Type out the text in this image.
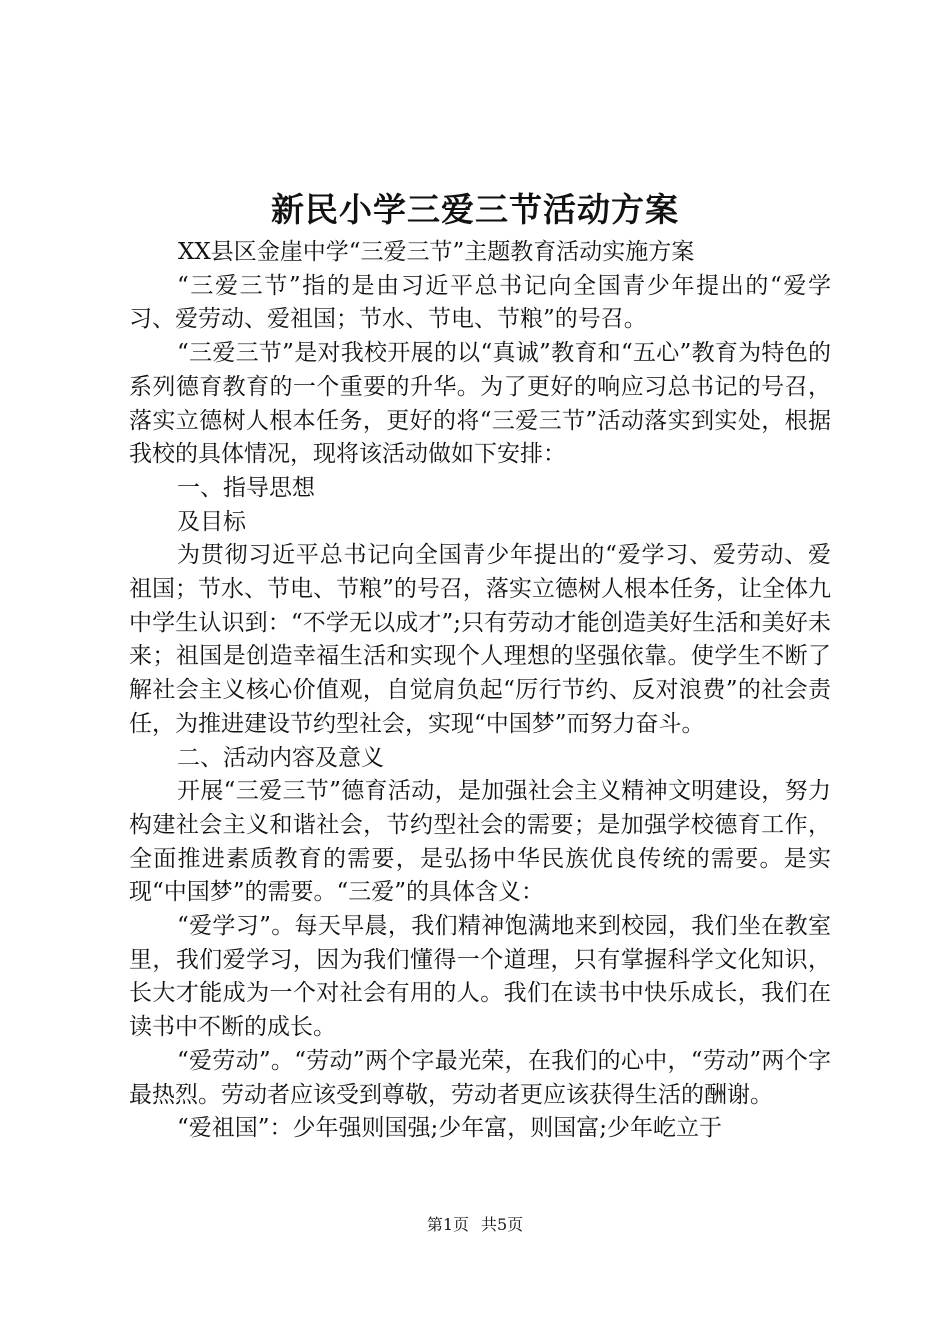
新民小学三爱三节活动方案

XX县区金崖中学“三爱三节”主题教育活动实施方案

“三爱三节”指的是由习近平总书记向全国青少年提出的“爱学习、爱劳动、爱祖国；节水、节电、节粮”的号召。

“三爱三节”是对我校开展的以“真诚”教育和“五心”教育为特色的系列德育教育的一个重要的升华。为了更好的响应习总书记的号召，落实立德树人根本任务，更好的将“三爱三节”活动落实到实处，根据我校的具体情况，现将该活动做如下安排：

一、指导思想

及目标

为贯彻习近平总书记向全国青少年提出的“爱学习、爱劳动、爱祖国；节水、节电、节粮”的号召，落实立德树人根本任务，让全体九中学生认识到：“不学无以成才”;只有劳动才能创造美好生活和美好未来；祖国是创造幸福生活和实现个人理想的坚强依靠。使学生不断了解社会主义核心价值观，自觉肩负起“厉行节约、反对浪费”的社会责任，为推进建设节约型社会，实现“中国梦”而努力奋斗。

二、活动内容及意义

开展“三爱三节”德育活动，是加强社会主义精神文明建设，努力构建社会主义和谐社会，节约型社会的需要；是加强学校德育工作，全面推进素质教育的需要，是弘扬中华民族优良传统的需要。是实现“中国梦”的需要。“三爱”的具体含义：

“爱学习”。每天早晨，我们精神饱满地来到校园，我们坐在教室里，我们爱学习，因为我们懂得一个道理，只有掌握科学文化知识，长大才能成为一个对社会有用的人。我们在读书中快乐成长，我们在读书中不断的成长。

“爱劳动”。“劳动”两个字最光荣，在我们的心中，“劳动”两个字最热烈。劳动者应该受到尊敬，劳动者更应该获得生活的酬谢。

“爱祖国”：少年强则国强;少年富，则国富;少年屹立于

第1页 共5页
